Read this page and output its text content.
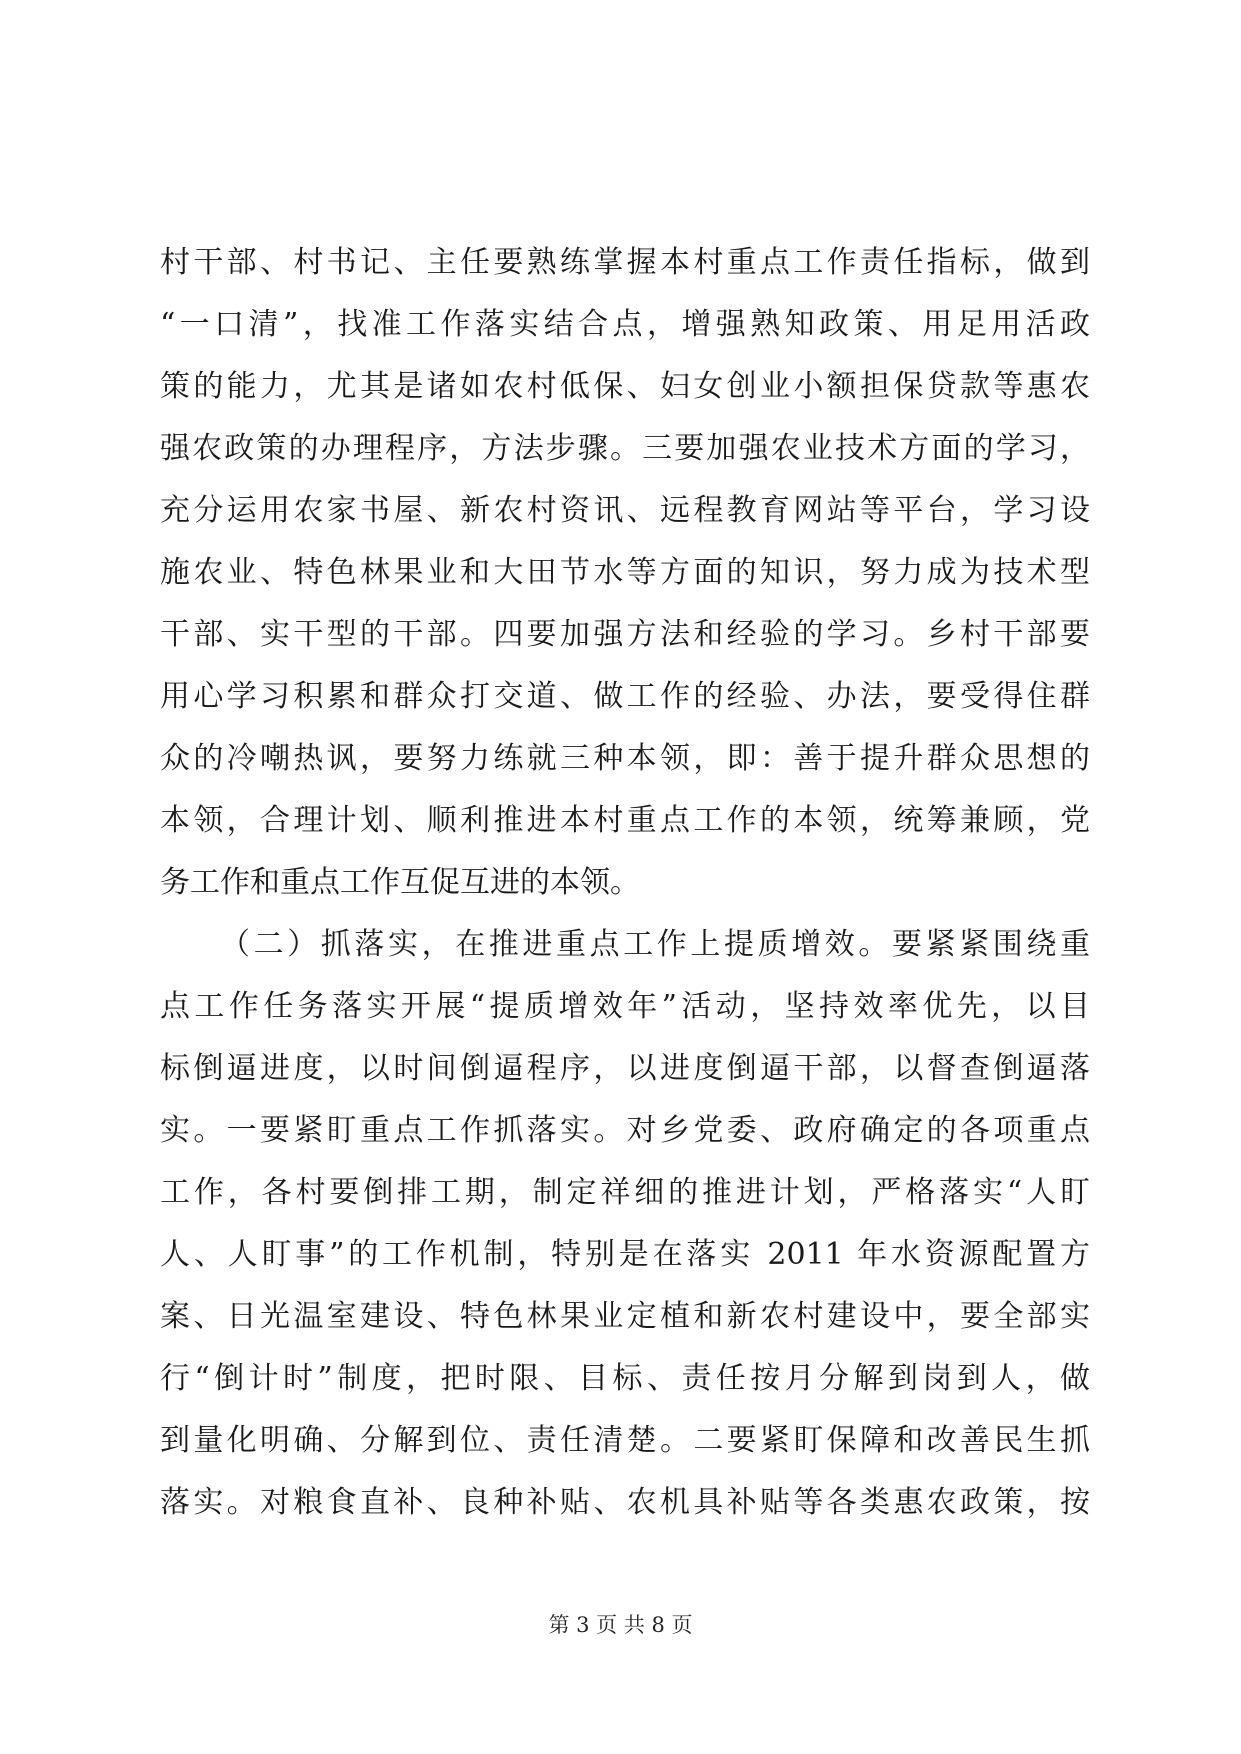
村干部、村书记、主任要熟练掌握本村重点工作责任指标，做到
“一口清”，找准工作落实结合点，增强熟知政策、用足用活政
策的能力，尤其是诸如农村低保、妇女创业小额担保贷款等惠农
强农政策的办理程序，方法步骤。三要加强农业技术方面的学习，
充分运用农家书屋、新农村资讯、远程教育网站等平台，学习设
施农业、特色林果业和大田节水等方面的知识，努力成为技术型
干部、实干型的干部。四要加强方法和经验的学习。乡村干部要
用心学习积累和群众打交道、做工作的经验、办法，要受得住群
众的冷嘲热讽，要努力练就三种本领，即：善于提升群众思想的
本领，合理计划、顺利推进本村重点工作的本领，统筹兼顾，党
务工作和重点工作互促互进的本领。
（二）抓落实，在推进重点工作上提质增效。要紧紧围绕重
点工作任务落实开展“提质增效年”活动，坚持效率优先，以目
标倒逼进度，以时间倒逼程序，以进度倒逼干部，以督查倒逼落
实。一要紧盯重点工作抓落实。对乡党委、政府确定的各项重点
工作，各村要倒排工期，制定祥细的推进计划，严格落实“人盯
人、人盯事”的工作机制，特别是在落实 2011 年水资源配置方
案、日光温室建设、特色林果业定植和新农村建设中，要全部实
行“倒计时”制度，把时限、目标、责任按月分解到岗到人，做
到量化明确、分解到位、责任清楚。二要紧盯保障和改善民生抓
落实。对粮食直补、良种补贴、农机具补贴等各类惠农政策，按
第 3 页 共 8 页
